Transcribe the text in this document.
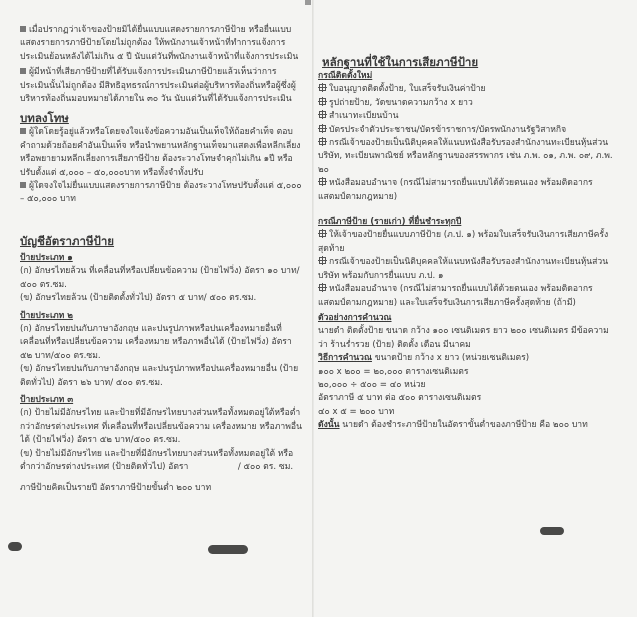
เมื่อปรากฏว่าเจ้าของป้ายมิได้ยื่นแบบแสดงรายการภาษีป้าย หรือยื่นแบบแสดงรายการภาษีป้ายโดยไม่ถูกต้อง ให้พนักงานเจ้าหน้าที่ทำการแจ้งการประเมินย้อนหลังได้ไม่เกิน ๕ ปี นับแต่วันที่พนักงานเจ้าหน้าที่แจ้งการประเมิน

ผู้มีหน้าที่เสียภาษีป้ายที่ได้รับแจ้งการประเมินภาษีป้ายแล้วเห็นว่าการประเมินนั้นไม่ถูกต้อง มีสิทธิอุทธรณ์การประเมินต่อผู้บริหารท้องถิ่นหรือผู้ซึ่งผู้บริหารท้องถิ่นมอบหมายได้ภายใน ๓๐ วัน นับแต่วันที่ได้รับแจ้งการประเมิน

บทลงโทษ

ผู้ใดโดยรู้อยู่แล้วหรือโดยจงใจแจ้งข้อความอันเป็นเท็จให้ถ้อยคำเท็จ ตอบคำถามด้วยถ้อยคำอันเป็นเท็จ หรือนำพยานหลักฐานเท็จมาแสดงเพื่อหลีกเลี่ยงหรือพยายามหลีกเลี่ยงการเสียภาษีป้าย ต้องระวางโทษจำคุกไม่เกิน ๑ปี หรือปรับตั้งแต่ ๕,๐๐๐ – ๕๐,๐๐๐บาท หรือทั้งจำทั้งปรับ

ผู้ใดจงใจไม่ยื่นแบบแสดงรายการภาษีป้าย ต้องระวางโทษปรับตั้งแต่ ๕,๐๐๐ – ๕๐,๐๐๐ บาท

บัญชีอัตราภาษีป้าย

ป้ายประเภท ๑

(ก) อักษรไทยล้วน ที่เคลื่อนที่หรือเปลี่ยนข้อความ (ป้ายไฟวิ่ง) อัตรา ๑๐ บาท/๕๐๐ ตร.ซม.

(ข) อักษรไทยล้วน (ป้ายติดตั้งทั่วไป) อัตรา ๕ บาท/ ๕๐๐ ตร.ซม.

ป้ายประเภท ๒

(ก) อักษรไทยปนกับภาษาอังกฤษ และปนรูปภาพหรือปนเครื่องหมายอื่นที่เคลื่อนที่หรือเปลี่ยนข้อความ เครื่องหมาย หรือภาพอื่นได้ (ป้ายไฟวิ่ง) อัตรา ๕๒ บาท/๕๐๐ ตร.ซม.

(ข) อักษรไทยปนกับภาษาอังกฤษ และปนรูปภาพหรือปนเครื่องหมายอื่น (ป้ายติดทั่วไป) อัตรา ๒๖ บาท/ ๕๐๐ ตร.ซม.

ป้ายประเภท ๓

(ก) ป้ายไม่มีอักษรไทย และป้ายที่มีอักษรไทยบางส่วนหรือทั้งหมดอยู่ใต้หรือต่ำกว่าอักษรต่างประเทศ ที่เคลื่อนที่หรือเปลี่ยนข้อความ เครื่องหมาย หรือภาพอื่นได้ (ป้ายไฟวิ่ง) อัตรา ๕๒ บาท/๕๐๐ ตร.ซม.

(ข) ป้ายไม่มีอักษรไทย และป้ายที่มีอักษรไทยบางส่วนหรือทั้งหมดอยู่ใต้ หรือต่ำกว่าอักษรต่างประเทศ (ป้ายติดทั่วไป) อัตรา	/ ๕๐๐ ตร. ซม.

ภาษีป้ายคิดเป็นรายปี อัตราภาษีป้ายขั้นต่ำ ๒๐๐ บาท

หลักฐานที่ใช้ในการเสียภาษีป้าย

กรณีติดตั้งใหม่

ใบอนุญาตติดตั้งป้าย, ใบเสร็จรับเงินค่าป้าย

รูปถ่ายป้าย, วัดขนาดความกว้าง x ยาว

สำเนาทะเบียนบ้าน

บัตรประจำตัวประชาชน/บัตรข้าราชการ/บัตรพนักงานรัฐวิสาหกิจ

กรณีเจ้าของป้ายเป็นนิติบุคคลให้แนบหนังสือรับรองสำนักงานทะเบียนหุ้นส่วนบริษัท, ทะเบียนพาณิชย์ หรือหลักฐานของสรรพากร เช่น ภ.พ. ๐๑, ภ.พ. ๐๙, ภ.พ. ๒๐

หนังสือมอบอำนาจ (กรณีไม่สามารถยื่นแบบได้ด้วยตนเอง พร้อมติดอากรแสตมป์ตามกฎหมาย)

กรณีภาษีป้าย (รายเก่า) ที่ยื่นชำระทุกปี

ให้เจ้าของป้ายยื่นแบบภาษีป้าย (ภ.ป. ๑) พร้อมใบเสร็จรับเงินการเสียภาษีครั้งสุดท้าย

กรณีเจ้าของป้ายเป็นนิติบุคคลให้แนบหนังสือรับรองสำนักงานทะเบียนหุ้นส่วนบริษัท พร้อมกับการยื่นแบบ ภ.ป. ๑

หนังสือมอบอำนาจ (กรณีไม่สามารถยื่นแบบได้ด้วยตนเอง พร้อมติดอากรแสตมป์ตามกฎหมาย) และใบเสร็จรับเงินการเสียภาษีครั้งสุดท้าย (ถ้ามี)

ตัวอย่างการคำนวณ

นายดำ ติดตั้งป้าย ขนาด กว้าง ๑๐๐ เซนติเมตร ยาว ๒๐๐ เซนติเมตร มีข้อความว่า ร้านร่ำรวย (ป้าย) ติดตั้ง เดือน มีนาคม

วิธีการคำนวณ ขนาดป้าย กว้าง x ยาว (หน่วยเซนติเมตร)

๑๐๐ x ๒๐๐ = ๒๐,๐๐๐ ตารางเซนติเมตร

๒๐,๐๐๐ ÷ ๕๐๐ = ๔๐ หน่วย

อัตราภาษี ๕ บาท ต่อ ๕๐๐ ตารางเซนติเมตร

๔๐ x ๕ = ๒๐๐ บาท

ดังนั้น นายดำ ต้องชำระภาษีป้ายในอัตราขั้นต่ำของภาษีป้าย คือ ๒๐๐ บาท
